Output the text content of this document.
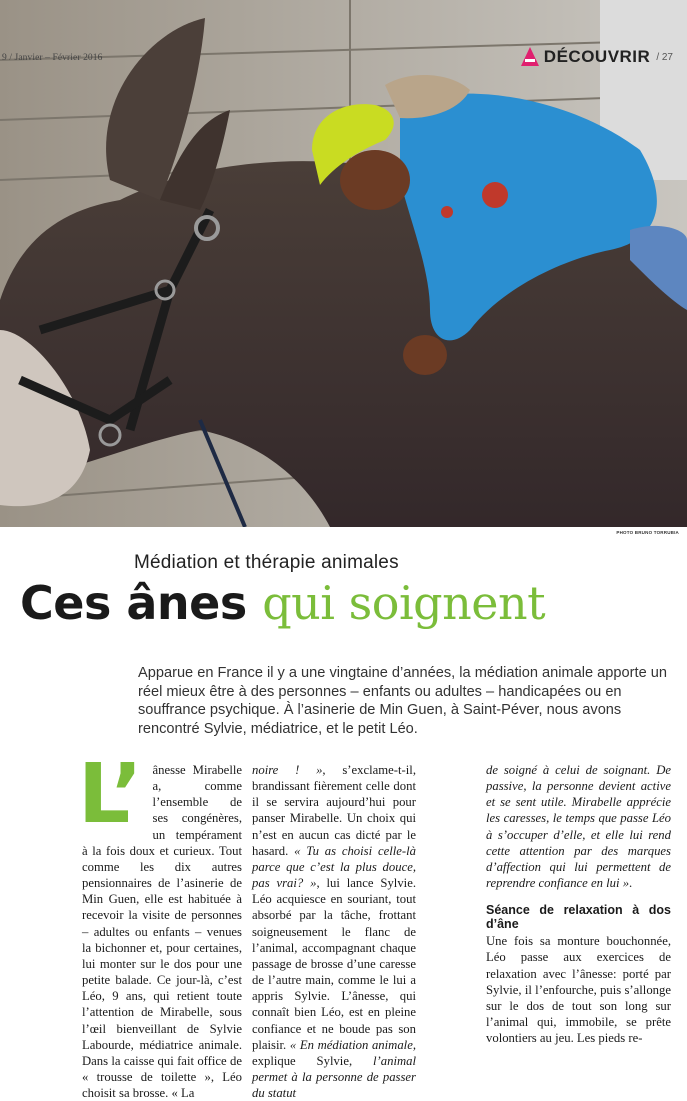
9 / Janvier – Février 2016	DÉCOUVRIR / 27
PHOTO BRUNO TORRUBIA
Médiation et thérapie animales
Ces ânes qui soignent
Apparue en France il y a une vingtaine d’années, la médiation animale apporte un réel mieux être à des personnes – enfants ou adultes – handicapées ou en souffrance psychique. À l’asinerie de Min Guen, à Saint-Péver, nous avons rencontré Sylvie, médiatrice, et le petit Léo.
L’ ânesse Mirabelle a, comme l’ensemble de ses congénères, un tempérament à la fois doux et curieux. Tout comme les dix autres pensionnaires de l’asinerie de Min Guen, elle est habituée à recevoir la visite de personnes – adultes ou enfants – venues la bichonner et, pour certaines, lui monter sur le dos pour une petite balade. Ce jour-là, c’est Léo, 9 ans, qui retient toute l’attention de Mirabelle, sous l’œil bienveillant de Sylvie Labourde, médiatrice animale. Dans la caisse qui fait office de « trousse de toilette », Léo choisit sa brosse. « La

noire ! », s’exclame-t-il, brandissant fièrement celle dont il se servira aujourd’hui pour panser Mirabelle. Un choix qui n’est en aucun cas dicté par le hasard. « Tu as choisi celle-là parce que c’est la plus douce, pas vrai? », lui lance Sylvie. Léo acquiesce en souriant, tout absorbé par la tâche, frottant soigneusement le flanc de l’animal, accompagnant chaque passage de brosse d’une caresse de l’autre main, comme le lui a appris Sylvie. L’ânesse, qui connaît bien Léo, est en pleine confiance et ne boude pas son plaisir. « En médiation animale, explique Sylvie, l’animal permet à la personne de passer du statut

de soigné à celui de soignant. De passive, la personne devient active et se sent utile. Mirabelle apprécie les caresses, le temps que passe Léo à s’occuper d’elle, et elle lui rend cette attention par des marques d’affection qui lui permettent de reprendre confiance en lui ».

Séance de relaxation à dos d’âne

Une fois sa monture bouchonnée, Léo passe aux exercices de relaxation avec l’ânesse: porté par Sylvie, il l’enfourche, puis s’allonge sur le dos de tout son long sur l’animal qui, immobile, se prête volontiers au jeu. Les pieds re-
